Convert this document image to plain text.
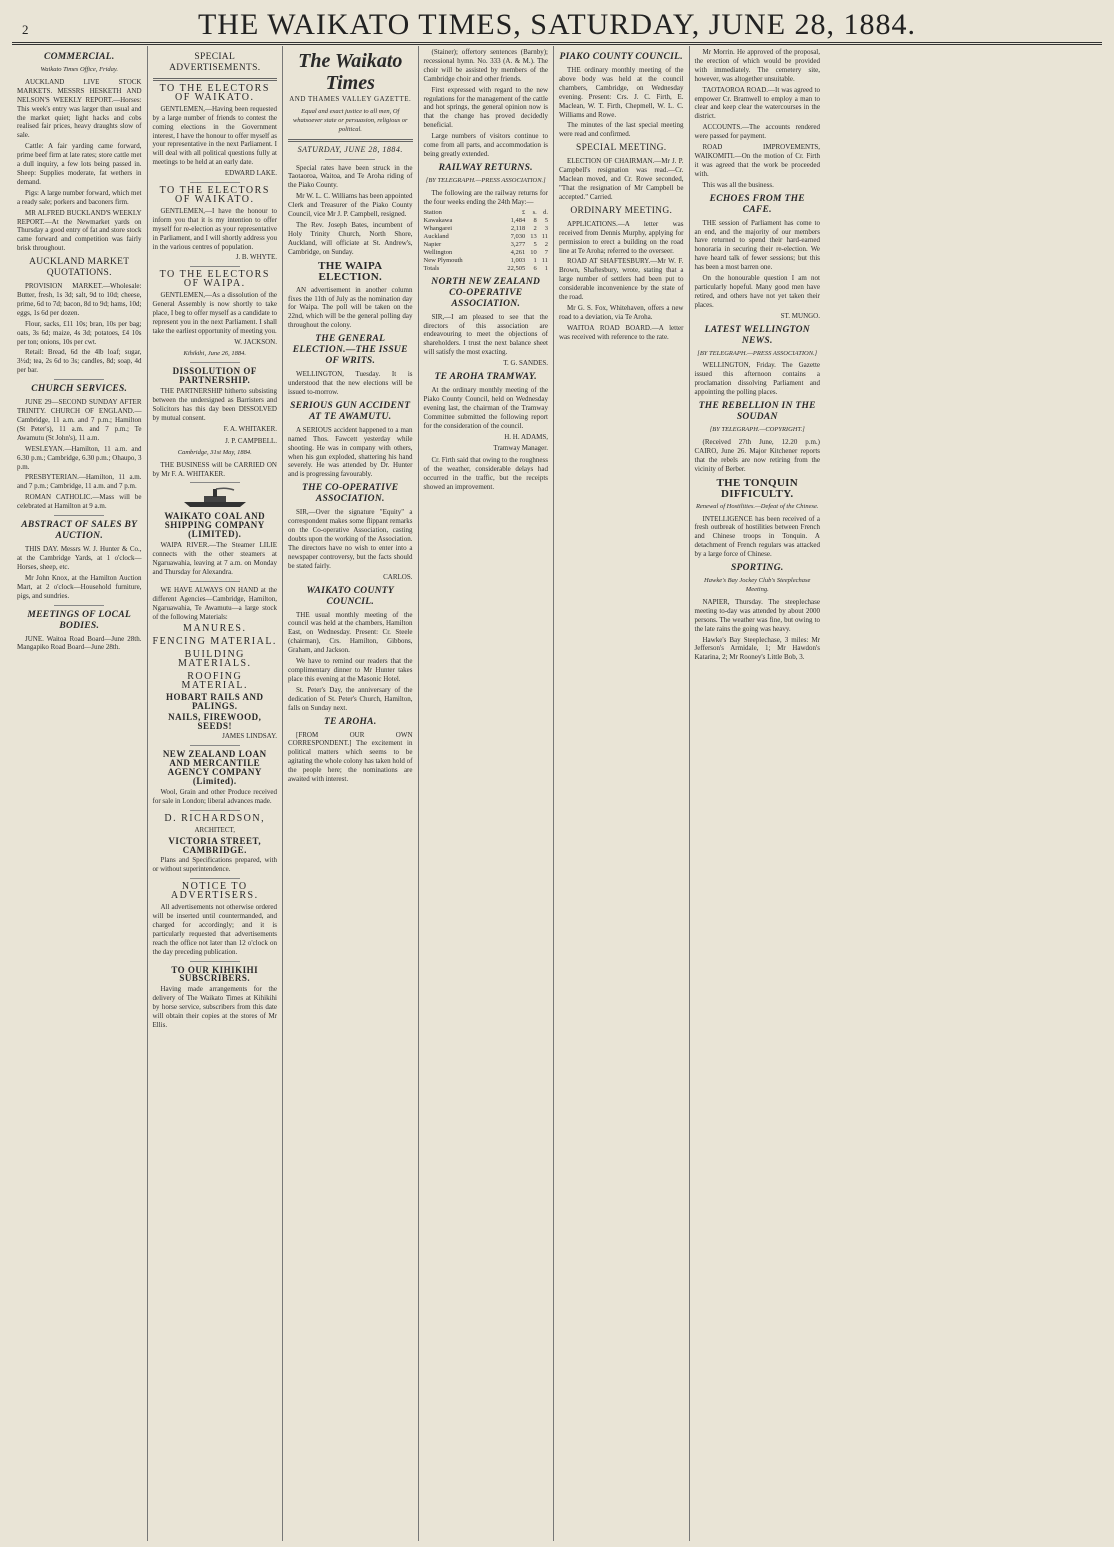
2	THE WAIKATO TIMES, SATURDAY, JUNE 28, 1884.
COMMERCIAL.
Waikato Times Office, Friday.

AUCKLAND LIVE STOCK MARKETS. MESSRS HESKETH AND NELSON'S WEEKLY REPORT.—Horses: This week's entry was larger than usual and the market quiet; light hacks and cobs realised fair prices, heavy draughts slow of sale.

Cattle: A fair yarding came forward, prime beef firm at late rates; store cattle met a dull inquiry, a few lots being passed in. Sheep: Supplies moderate, fat wethers in demand.

Pigs: A large number forward, which met a ready sale; porkers and baconers firm.

MR ALFRED BUCKLAND'S WEEKLY REPORT.—At the Newmarket yards on Thursday a good entry of fat and store stock came forward and competition was fairly brisk throughout.

AUCKLAND MARKET QUOTATIONS.

PROVISION MARKET.—Wholesale: Butter, fresh, 1s 3d; salt, 9d to 10d; cheese, prime, 6d to 7d; bacon, 8d to 9d; hams, 10d; eggs, 1s 6d per dozen.

Flour, sacks, £11 10s; bran, 10s per bag; oats, 3s 6d; maize, 4s 3d; potatoes, £4 10s per ton; onions, 10s per cwt.

Retail: Bread, 6d the 4lb loaf; sugar, 3½d; tea, 2s 6d to 3s; candles, 8d; soap, 4d per bar.

CHURCH SERVICES.

JUNE 29—SECOND SUNDAY AFTER TRINITY. CHURCH OF ENGLAND.—Cambridge, 11 a.m. and 7 p.m.; Hamilton (St Peter's), 11 a.m. and 7 p.m.; Te Awamutu (St John's), 11 a.m.

WESLEYAN.—Hamilton, 11 a.m. and 6.30 p.m.; Cambridge, 6.30 p.m.; Ohaupo, 3 p.m.

PRESBYTERIAN.—Hamilton, 11 a.m. and 7 p.m.; Cambridge, 11 a.m. and 7 p.m.

ROMAN CATHOLIC.—Mass will be celebrated at Hamilton at 9 a.m.

ABSTRACT OF SALES BY AUCTION.

THIS DAY. Messrs W. J. Hunter & Co., at the Cambridge Yards, at 1 o'clock—Horses, sheep, etc.

Mr John Knox, at the Hamilton Auction Mart, at 2 o'clock—Household furniture, pigs, and sundries.

MEETINGS OF LOCAL BODIES.

JUNE. Waitoa Road Board—June 28th. Mangapiko Road Board—June 28th.

SPECIAL ADVERTISEMENTS.
TO THE ELECTORS OF WAIKATO.

GENTLEMEN,—Having been requested by a large number of friends to contest the coming elections in the Government interest, I have the honour to offer myself as your representative in the next Parliament. I will deal with all political questions fully at meetings to be held at an early date.

EDWARD LAKE.
TO THE ELECTORS OF WAIKATO.

GENTLEMEN,—I have the honour to inform you that it is my intention to offer myself for re-election as your representative in Parliament, and I will shortly address you in the various centres of population.

J. B. WHYTE.
TO THE ELECTORS OF WAIPA.

GENTLEMEN,—As a dissolution of the General Assembly is now shortly to take place, I beg to offer myself as a candidate to represent you in the next Parliament. I shall take the earliest opportunity of meeting you.

W. JACKSON.
Kihikihi, June 26, 1884.
DISSOLUTION OF PARTNERSHIP.

THE PARTNERSHIP hitherto subsisting between the undersigned as Barristers and Solicitors has this day been DISSOLVED by mutual consent.

F. A. WHITAKER.
J. P. CAMPBELL.
Cambridge, 31st May, 1884.

THE BUSINESS will be CARRIED ON by Mr F. A. WHITAKER.

WAIKATO COAL AND SHIPPING COMPANY (LIMITED).

WAIPA RIVER.—The Steamer LILIE connects with the other steamers at Ngaruawahia, leaving at 7 a.m. on Monday and Thursday for Alexandra.

WE HAVE ALWAYS ON HAND at the different Agencies—Cambridge, Hamilton, Ngaruawahia, Te Awamutu—a large stock of the following Materials:

MANURES.
FENCING MATERIAL.
BUILDING MATERIALS.
ROOFING MATERIAL.
HOBART RAILS AND PALINGS.
NAILS, FIREWOOD, SEEDS!
JAMES LINDSAY.
NEW ZEALAND LOAN AND MERCANTILE AGENCY COMPANY (Limited).

Wool, Grain and other Produce received for sale in London; liberal advances made.

D. RICHARDSON,
ARCHITECT,
VICTORIA STREET, CAMBRIDGE.

Plans and Specifications prepared, with or without superintendence.

NOTICE TO ADVERTISERS.

All advertisements not otherwise ordered will be inserted until countermanded, and charged for accordingly; and it is particularly requested that advertisements reach the office not later than 12 o'clock on the day preceding publication.

TO OUR KIHIKIHI SUBSCRIBERS.

Having made arrangements for the delivery of The Waikato Times at Kihikihi by horse service, subscribers from this date will obtain their copies at the stores of Mr Ellis.

The Waikato Times
AND THAMES VALLEY GAZETTE.
Equal and exact justice to all men, Of whatsoever state or persuasion, religious or political.
SATURDAY, JUNE 28, 1884.

Special rates have been struck in the Taotaoroa, Waitoa, and Te Aroha riding of the Piako County.

Mr W. L. C. Williams has been appointed Clerk and Treasurer of the Piako County Council, vice Mr J. P. Campbell, resigned.

The Rev. Joseph Bates, incumbent of Holy Trinity Church, North Shore, Auckland, will officiate at St. Andrew's, Cambridge, on Sunday.

THE WAIPA ELECTION.

AN advertisement in another column fixes the 11th of July as the nomination day for Waipa. The poll will be taken on the 22nd, which will be the general polling day throughout the colony.

THE GENERAL ELECTION.—THE ISSUE OF WRITS.

WELLINGTON, Tuesday. It is understood that the new elections will be issued to-morrow.

SERIOUS GUN ACCIDENT AT TE AWAMUTU.

A SERIOUS accident happened to a man named Thos. Fawcett yesterday while shooting. He was in company with others, when his gun exploded, shattering his hand severely. He was attended by Dr. Hunter and is progressing favourably.

THE CO-OPERATIVE ASSOCIATION.

SIR,—Over the signature "Equity" a correspondent makes some flippant remarks on the Co-operative Association, casting doubts upon the working of the Association. The directors have no wish to enter into a newspaper controversy, but the facts should be stated fairly.

CARLOS.
WAIKATO COUNTY COUNCIL.

THE usual monthly meeting of the council was held at the chambers, Hamilton East, on Wednesday. Present: Cr. Steele (chairman), Crs. Hamilton, Gibbons, Graham, and Jackson.

We have to remind our readers that the complimentary dinner to Mr Hunter takes place this evening at the Masonic Hotel.

St. Peter's Day, the anniversary of the dedication of St. Peter's Church, Hamilton, falls on Sunday next.

TE AROHA.

[FROM OUR OWN CORRESPONDENT.] The excitement in political matters which seems to be agitating the whole colony has taken hold of the people here; the nominations are awaited with interest.

(Stainer); offertory sentences (Barnby); recessional hymn. No. 333 (A. & M.). The choir will be assisted by members of the Cambridge choir and other friends.

First expressed with regard to the new regulations for the management of the cattle and hot springs, the general opinion now is that the change has proved decidedly beneficial.

Large numbers of visitors continue to come from all parts, and accommodation is being greatly extended.

RAILWAY RETURNS.
[BY TELEGRAPH.—PRESS ASSOCIATION.]

The following are the railway returns for the four weeks ending the 24th May:—

Station	£	s.	d.
Kawakawa	1,484	8	5
Whangarei	2,118	2	3
Auckland	7,030	13	11
Napier	3,277	5	2
Wellington	4,261	10	7
New Plymouth	1,003	1	11
Totals	22,505	6	1
NORTH NEW ZEALAND CO-OPERATIVE ASSOCIATION.

SIR,—I am pleased to see that the directors of this association are endeavouring to meet the objections of shareholders. I trust the next balance sheet will satisfy the most exacting.

T. G. SANDES.
TE AROHA TRAMWAY.

At the ordinary monthly meeting of the Piako County Council, held on Wednesday evening last, the chairman of the Tramway Committee submitted the following report for the consideration of the council.

H. H. ADAMS,
Tramway Manager.

Cr. Firth said that owing to the roughness of the weather, considerable delays had occurred in the traffic, but the receipts showed an improvement.

PIAKO COUNTY COUNCIL.

THE ordinary monthly meeting of the above body was held at the council chambers, Cambridge, on Wednesday evening. Present: Crs. J. C. Firth, E. Maclean, W. T. Firth, Chepmell, W. L. C. Williams and Rowe.

The minutes of the last special meeting were read and confirmed.

SPECIAL MEETING.

ELECTION OF CHAIRMAN.—Mr J. P. Campbell's resignation was read.—Cr. Maclean moved, and Cr. Rowe seconded, "That the resignation of Mr Campbell be accepted." Carried.

ORDINARY MEETING.

APPLICATIONS.—A letter was received from Dennis Murphy, applying for permission to erect a building on the road line at Te Aroha; referred to the overseer.

ROAD AT SHAFTESBURY.—Mr W. F. Brown, Shaftesbury, wrote, stating that a large number of settlers had been put to considerable inconvenience by the state of the road.

Mr G. S. Fox, Whitehaven, offers a new road to a deviation, via Te Aroha.

WAITOA ROAD BOARD.—A letter was received with reference to the rate.

Mr Morrin. He approved of the proposal, the erection of which would be provided with immediately. The cemetery site, however, was altogether unsuitable.

TAOTAOROA ROAD.—It was agreed to empower Cr. Bramwell to employ a man to clear and keep clear the watercourses in the district.

ACCOUNTS.—The accounts rendered were passed for payment.

ROAD IMPROVEMENTS, WAIKOMITI.—On the motion of Cr. Firth it was agreed that the work be proceeded with.

This was all the business.

ECHOES FROM THE CAFE.

THE session of Parliament has come to an end, and the majority of our members have returned to spend their hard-earned honoraria in securing their re-election. We have heard talk of fewer sessions; but this has been a most barren one.

On the honourable question I am not particularly hopeful. Many good men have retired, and others have not yet taken their places.

ST. MUNGO.
LATEST WELLINGTON NEWS.
[BY TELEGRAPH.—PRESS ASSOCIATION.]

WELLINGTON, Friday. The Gazette issued this afternoon contains a proclamation dissolving Parliament and appointing the polling places.

THE REBELLION IN THE SOUDAN
[BY TELEGRAPH.—COPYRIGHT.]

(Received 27th June, 12.20 p.m.) CAIRO, June 26. Major Kitchener reports that the rebels are now retiring from the vicinity of Berber.

THE TONQUIN DIFFICULTY.
Renewal of Hostilities.—Defeat of the Chinese.

INTELLIGENCE has been received of a fresh outbreak of hostilities between French and Chinese troops in Tonquin. A detachment of French regulars was attacked by a large force of Chinese.

SPORTING.
Hawke's Bay Jockey Club's Steeplechase Meeting.

NAPIER, Thursday. The steeplechase meeting to-day was attended by about 2000 persons. The weather was fine, but owing to the late rains the going was heavy.

Hawke's Bay Steeplechase, 3 miles: Mr Jefferson's Armidale, 1; Mr Hawdon's Katarina, 2; Mr Rooney's Little Bob, 3.
